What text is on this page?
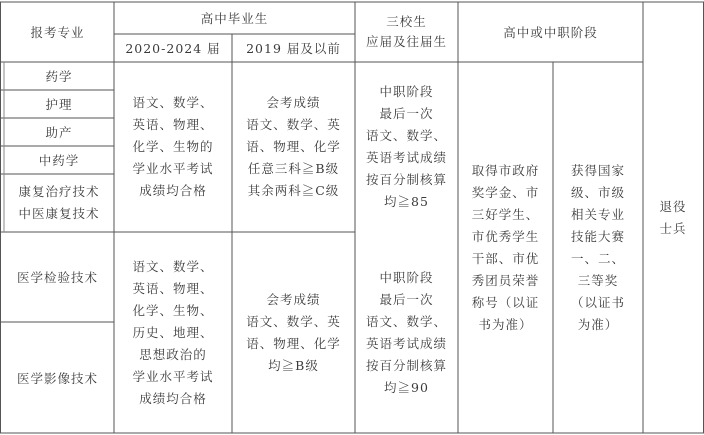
报考专业
高中毕业生
2020-2024 届 2019 届及以前
三校生
应届及往届生
高中或中职阶段
退役
士兵
药学
护理
助产
中药学
康复治疗技术
中医康复技术
医学检验技术
医学影像技术
语文、数学、
英语、物理、
化学、生物的
学业水平考试
成绩均合格
会考成绩
语文、数学、英
语、物理、化学
任意三科≧B级
其余两科≧C级
中职阶段
最后一次
语文、数学、
英语考试成绩
按百分制核算
均≧85
语文、数学、
英语、物理、
化学、生物、
历史、地理、
思想政治的
学业水平考试
成绩均合格
会考成绩
语文、数学、英
语、物理、化学
均≧B级
中职阶段
最后一次
语文、数学、
英语考试成绩
按百分制核算
均≧90
取得市政府
奖学金、市
三好学生、
市优秀学生
干部、市优
秀团员荣誉
称号（以证
书为准）
获得国家
级、市级
相关专业
技能大赛
一、二、
三等奖
（以证书
为准）
